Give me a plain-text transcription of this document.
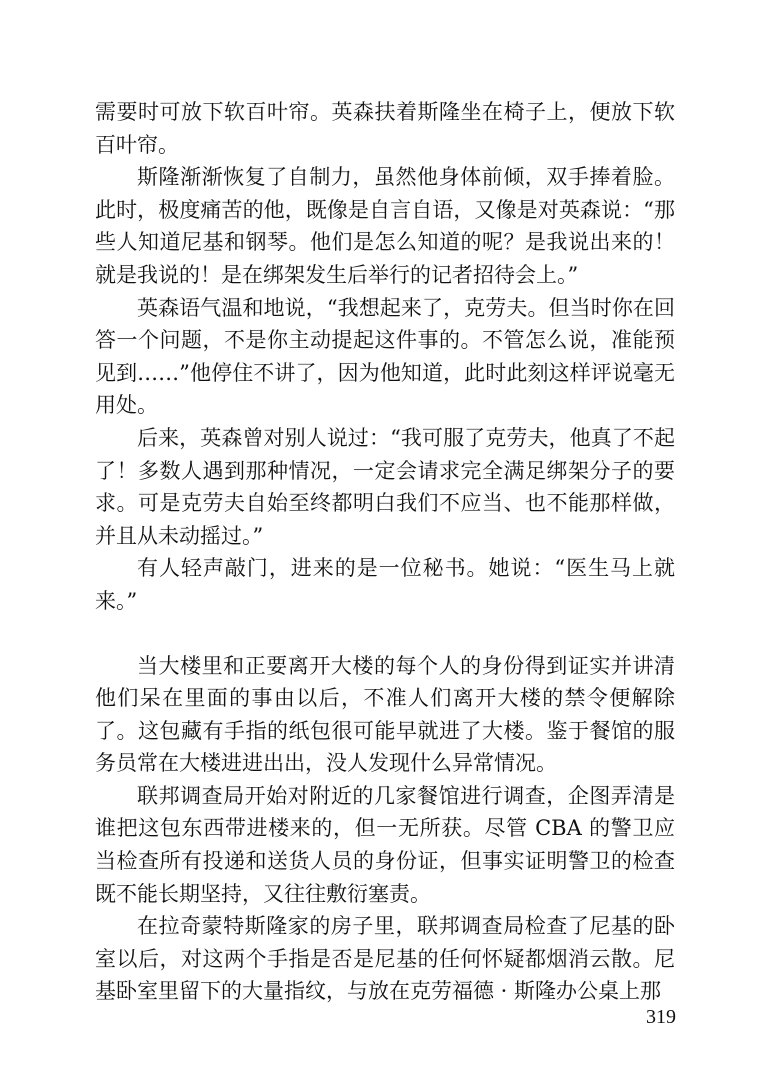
需要时可放下软百叶帘。英森扶着斯隆坐在椅子上，便放下软百叶帘。

斯隆渐渐恢复了自制力，虽然他身体前倾，双手捧着脸。此时，极度痛苦的他，既像是自言自语，又像是对英森说：“那些人知道尼基和钢琴。他们是怎么知道的呢？是我说出来的！就是我说的！是在绑架发生后举行的记者招待会上。”

英森语气温和地说，“我想起来了，克劳夫。但当时你在回答一个问题，不是你主动提起这件事的。不管怎么说，准能预见到……”他停住不讲了，因为他知道，此时此刻这样评说毫无用处。

后来，英森曾对别人说过：“我可服了克劳夫，他真了不起了！多数人遇到那种情况，一定会请求完全满足绑架分子的要求。可是克劳夫自始至终都明白我们不应当、也不能那样做，并且从未动摇过。”

有人轻声敲门，进来的是一位秘书。她说：“医生马上就来。”

当大楼里和正要离开大楼的每个人的身份得到证实并讲清他们呆在里面的事由以后，不准人们离开大楼的禁令便解除了。这包藏有手指的纸包很可能早就进了大楼。鉴于餐馆的服务员常在大楼进进出出，没人发现什么异常情况。

联邦调查局开始对附近的几家餐馆进行调查，企图弄清是谁把这包东西带进楼来的，但一无所获。尽管 CBA 的警卫应当检查所有投递和送货人员的身份证，但事实证明警卫的检查既不能长期坚持，又往往敷衍塞责。

在拉奇蒙特斯隆家的房子里，联邦调查局检查了尼基的卧室以后，对这两个手指是否是尼基的任何怀疑都烟消云散。尼基卧室里留下的大量指纹，与放在克劳福德 · 斯隆办公桌上那

319
